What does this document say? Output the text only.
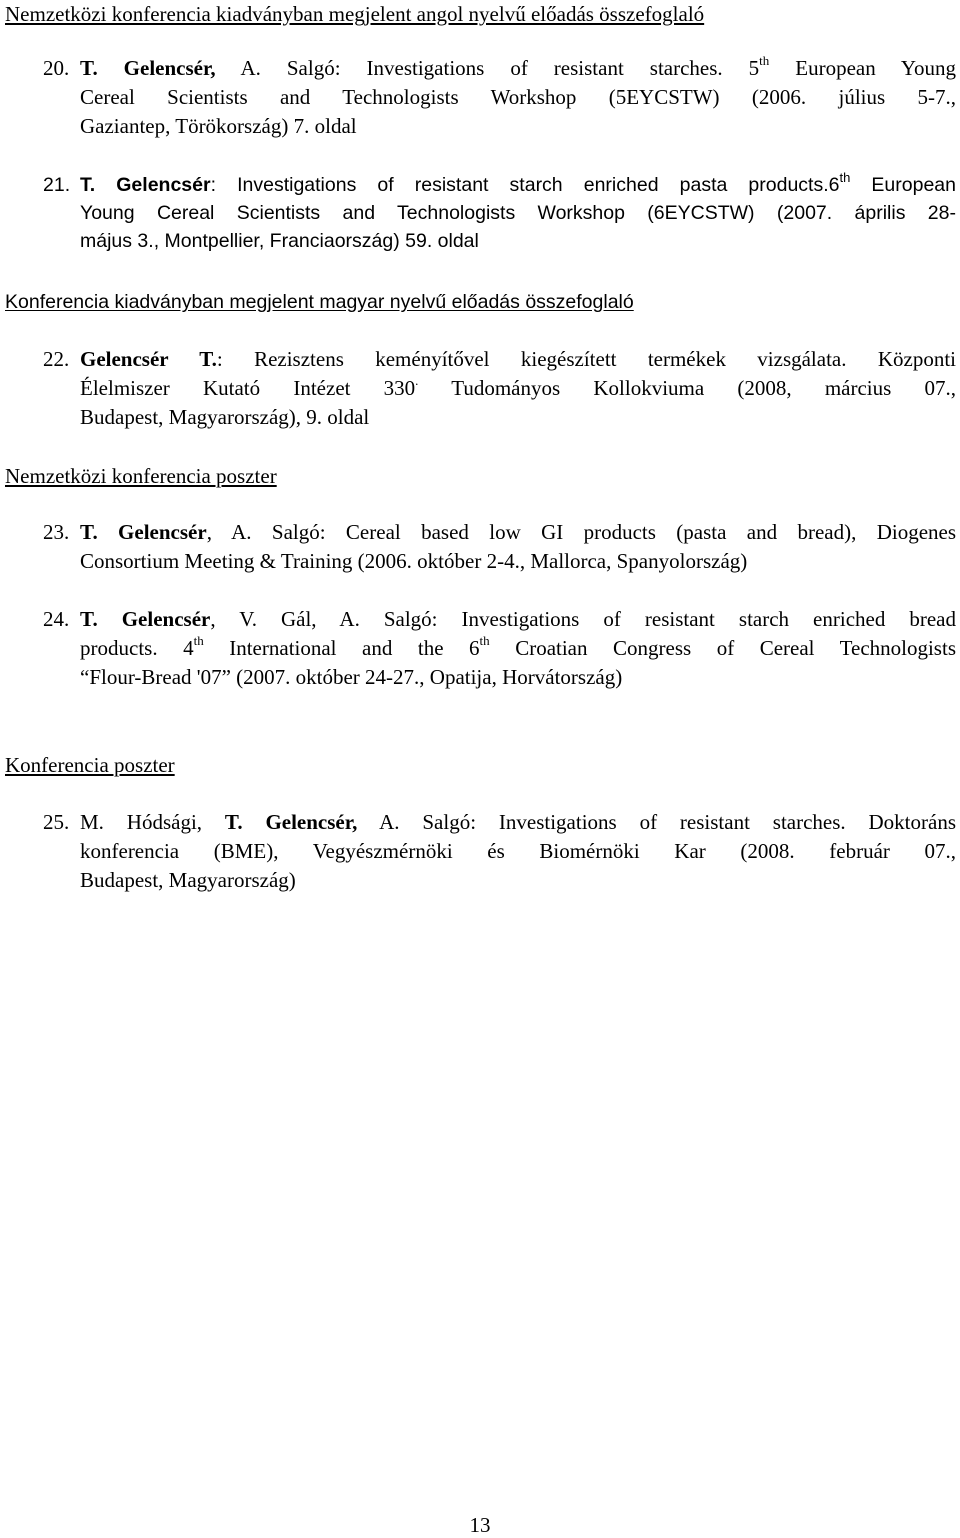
Nemzetközi konferencia kiadványban megjelent angol nyelvű előadás összefoglaló
20. T. Gelencsér, A. Salgó: Investigations of resistant starches. 5th European Young
Cereal Scientists and Technologists Workshop (5EYCSTW) (2006. július 5-7.,
Gaziantep, Törökország) 7. oldal
21. T. Gelencsér: Investigations of resistant starch enriched pasta products.6th European
Young Cereal Scientists and Technologists Workshop (6EYCSTW) (2007. április 28-
május 3., Montpellier, Franciaország) 59. oldal
Konferencia kiadványban megjelent magyar nyelvű előadás összefoglaló
22. Gelencsér T.: Rezisztens keményítővel kiegészített termékek vizsgálata. Központi
Élelmiszer Kutató Intézet 330. Tudományos Kollokviuma (2008, március 07.,
Budapest, Magyarország), 9. oldal
Nemzetközi konferencia poszter
23. T. Gelencsér, A. Salgó: Cereal based low GI products (pasta and bread), Diogenes
Consortium Meeting & Training (2006. október 2-4., Mallorca, Spanyolország)
24. T. Gelencsér, V. Gál, A. Salgó: Investigations of resistant starch enriched bread
products. 4th International and the 6th Croatian Congress of Cereal Technologists
“Flour-Bread '07” (2007. október 24-27., Opatija, Horvátország)
Konferencia poszter
25. M. Hódsági, T. Gelencsér, A. Salgó: Investigations of resistant starches. Doktoráns
konferencia (BME), Vegyészmérnöki és Biomérnöki Kar (2008. február 07.,
Budapest, Magyarország)
13
